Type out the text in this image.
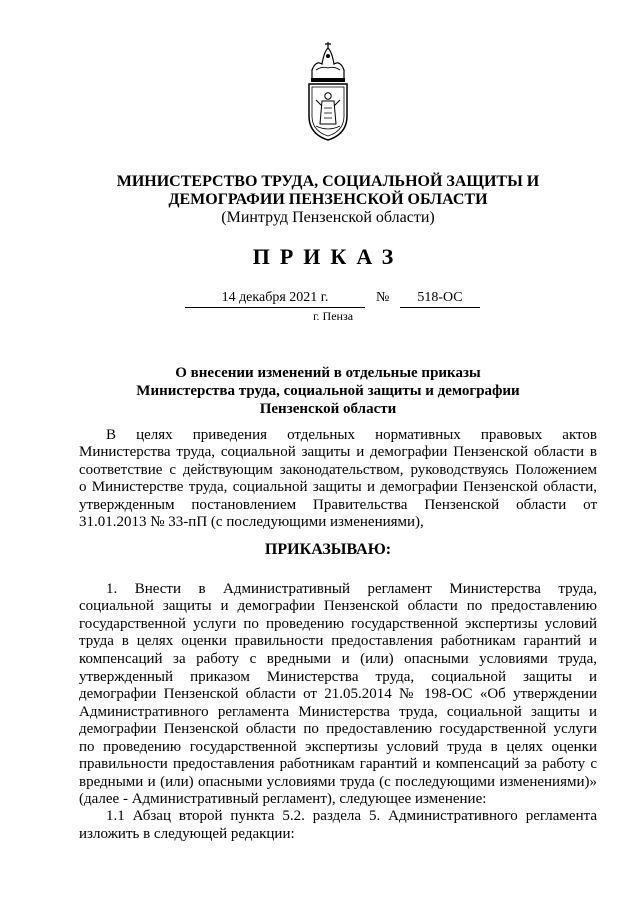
МИНИСТЕРСТВО ТРУДА, СОЦИАЛЬНОЙ ЗАЩИТЫ И
ДЕМОГРАФИИ ПЕНЗЕНСКОЙ ОБЛАСТИ
(Минтруд Пензенской области)
ПРИКАЗ
14 декабря 2021 г.	№	518-ОС
г. Пенза
О внесении изменений в отдельные приказы
Министерства труда, социальной защиты и демографии
Пензенской области
В целях приведения отдельных нормативных правовых актов
Министерства труда, социальной защиты и демографии Пензенской области в
соответствие с действующим законодательством, руководствуясь Положением
о Министерстве труда, социальной защиты и демографии Пензенской области,
утвержденным постановлением Правительства Пензенской области от
31.01.2013 № 33-пП (с последующими изменениями),
ПРИКАЗЫВАЮ:
1. Внести в Административный регламент Министерства труда,
социальной защиты и демографии Пензенской области по предоставлению
государственной услуги по проведению государственной экспертизы условий
труда в целях оценки правильности предоставления работникам гарантий и
компенсаций за работу с вредными и (или) опасными условиями труда,
утвержденный приказом Министерства труда, социальной защиты и
демографии Пензенской области от 21.05.2014 № 198-ОС «Об утверждении
Административного регламента Министерства труда, социальной защиты и
демографии Пензенской области по предоставлению государственной услуги
по проведению государственной экспертизы условий труда в целях оценки
правильности предоставления работникам гарантий и компенсаций за работу с
вредными и (или) опасными условиями труда (с последующими изменениями)»
(далее - Административный регламент), следующее изменение:
1.1 Абзац второй пункта 5.2. раздела 5. Административного регламента
изложить в следующей редакции:
